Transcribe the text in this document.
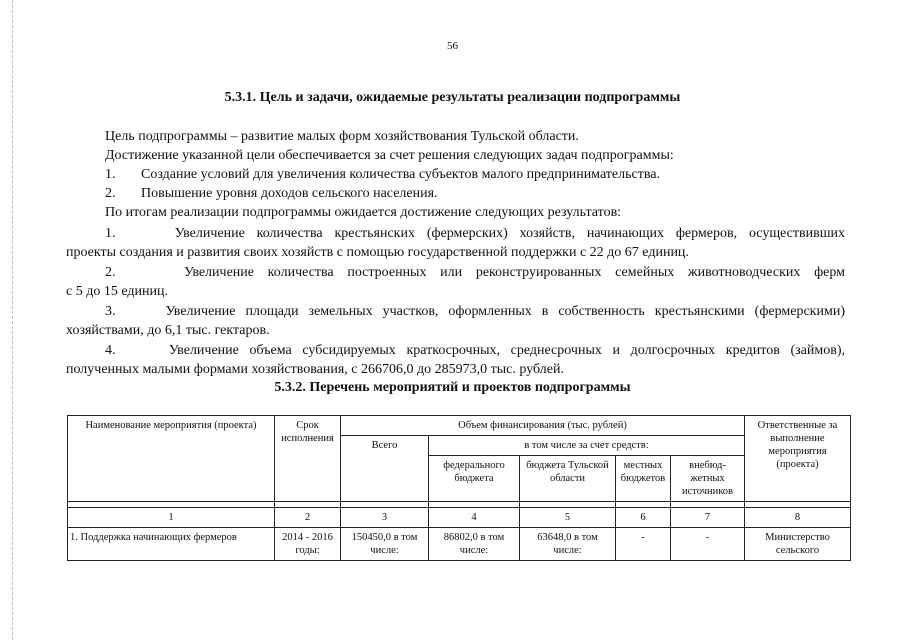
56
5.3.1. Цель и задачи, ожидаемые результаты реализации подпрограммы

Цель подпрограммы – развитие малых форм хозяйствования Тульской области.

Достижение указанной цели обеспечивается за счет решения следующих задач подпрограммы:

1. Создание условий для увеличения количества субъектов малого предпринимательства.

2. Повышение уровня доходов сельского населения.

По итогам реализации подпрограммы ожидается достижение следующих результатов:

1.     Увеличение количества крестьянских (фермерских) хозяйств, начинающих фермеров, осуществивших

проекты создания и развития своих хозяйств с помощью государственной поддержки с 22 до 67 единиц.

2.     Увеличение количества построенных или реконструированных семейных животноводческих ферм

с 5 до 15 единиц.

3.     Увеличение площади земельных участков, оформленных в собственность крестьянскими (фермерскими)

хозяйствами, до 6,1 тыс. гектаров.

4.     Увеличение объема субсидируемых краткосрочных, среднесрочных и долгосрочных кредитов (займов),

полученных малыми формами хозяйствования, с 266706,0 до 285973,0 тыс. рублей.

5.3.2. Перечень мероприятий и проектов подпрограммы
Наименование мероприятия (проекта)	Срок исполнения	Объем финансирования (тыс. рублей)					Ответственные за выполнение мероприятия (проекта)
		Всего	в том числе за счет средств:				
			федерального бюджета	бюджета Тульской области	местных бюджетов	внебюд-жетных источников	

1	2	3	4	5	6	7	8
1. Поддержка начинающих фермеров	2014 - 2016 годы:	150450,0 в том числе:	86802,0 в том числе:	63648,0 в том числе:	-	-	Министерство сельского
